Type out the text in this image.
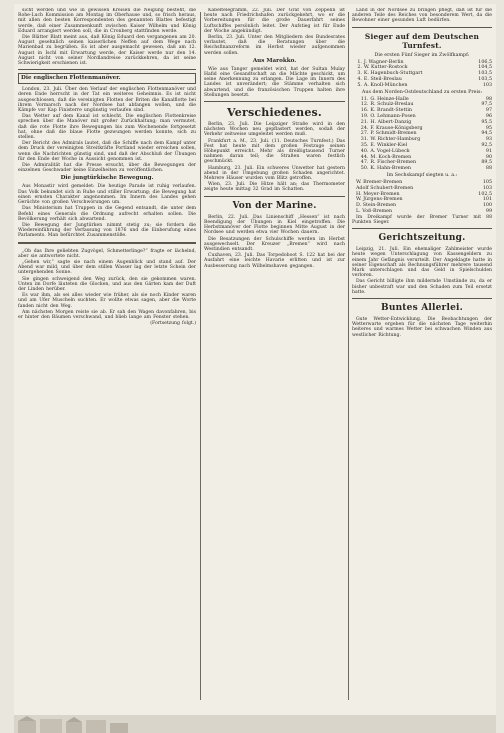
sicht werden und wie in gewissen Kreisen die Neigung besteht, die Rohe-Luch Kommission am Montag im Oberhause und, so frisch heraus, mit allen den besten Korrespondenten des genannten Blattes befestigt werde, daß einer Zusammenkunft zwischen Kaiser Wilhelm und König Eduard arrangiert werden soll, die in Cronberg stattfinden werde.

Die Blätter Blatt meint aus, daß König Eduard den vergangenen am 20. August gesehnlich seinen kaiserlichen Neffen auf dem Wege nach Marienbad zu begrüßen. Es ist aber ausgemacht gewesen, daß am 12. August in Ischl mit Erwartung werde, der Kaiser werde nur den 14. August nicht von seiner Nordlandreise zurückkehren, da ist seine Schwierigkeit erschienen ist.

Die englischen Flottenmanöver.

London, 23. Juli. Über den Verlauf der englischen Flottenmanöver und deren Ende herrscht in der Tat ein weiteres Geheimnis. Es ist nicht ausgeschlossen, daß die vereinigten Flotten der Briten die Kanalflotte bei ihrem Vormarsch nach der Nordsee hat abfangen wollen, und die Kämpfe vor Kap Finisterre ungünstig verlaufen sind.

Das Wetter auf dem Kanal ist schlecht. Die englischen Flottenkreise sprechen über die Manöver mit großer Zurückhaltung; man vermutet, daß die rote Flotte ihre Bewegungen bis zum Wochenende fortgesetzt hat, ohne daß die blaue Flotte gezwungen werden konnte, sich zu stellen.

Der Bericht des Admirals lautet, daß die Schiffe nach dem Kampf unter dem Druck der vereinigten Streitkräfte Portland wieder erreichen sollen, wenn die Nachrichten günstig sind, und daß der Abschluß der Übungen für den Ende der Woche in Aussicht genommen ist.

Die Admiralität hat die Presse ersucht, über die Bewegungen der einzelnen Geschwader keine Einzelheiten zu veröffentlichen.

Die jungtürkische Bewegung.

Aus Monastir wird gemeldet: Die heutige Parade ist ruhig verlaufen. Das Volk bekundet sich in Ruhe und stiller Erwartung; die Bewegung hat einen ernsten Charakter angenommen. Im Innern des Landes gehen Gerüchte von großen Verschwörungen um.

Das Ministerium hat Truppen in die Gegend entsandt, die unter dem Befehl eines Generals die Ordnung aufrecht erhalten sollen. Die Bevölkerung verhält sich abwartend.

Die Bewegung der Jungtürken nimmt stetig zu; sie fordern die Wiedereinführung der Verfassung von 1876 und die Einberufung eines Parlaments. Man befürchtet Zusammenstöße.

„Ob das Ihre geliebten Zugvögel, Schmetterlinge?“ fragte er lächelnd, aber sie antwortete nicht.

„Gehen wir,“ sagte sie nach einem Augenblick und stand auf. Der Abend war mild, und über dem stillen Wasser lag der letzte Schein der untergehenden Sonne.

Sie gingen schweigend den Weg zurück, den sie gekommen waren. Unten im Dorfe läuteten die Glocken, und aus den Gärten kam der Duft der Linden herüber.

Es war ihm, als sei alles wieder wie früher, als sie noch Kinder waren und am Ufer Muscheln suchten. Er wollte etwas sagen, aber die Worte fanden nicht den Weg.

Am nächsten Morgen reiste sie ab. Er sah den Wagen davonfahren, bis er hinter den Bäumen verschwand, und blieb lange am Fenster stehen.

(Fortsetzung folgt.)

Kabeltelegramm, 22. Juli. Der Graf von Zeppelin ist heute nach Friedrichshafen zurückgekehrt, wo er die Vorbereitungen für die große Dauerfahrt seines Luftschiffes persönlich leitet. Der Aufstieg ist für Ende der Woche angekündigt.

Berlin, 23. Juli. Unter den Mitgliedern des Bundesrates verlautet, daß die Beratungen über die Reichsfinanzreform im Herbst wieder aufgenommen werden sollen.

Aus Marokko.

Wie aus Tanger gemeldet wird, hat der Sultan Mulay Hafid eine Gesandtschaft an die Mächte geschickt, um seine Anerkennung zu erlangen. Die Lage im Innern des Landes ist unverändert; die Stämme verhalten sich abwartend, und die französischen Truppen halten ihre Stellungen besetzt.

Verschiedenes.

Berlin, 23. Juli. Die Leipziger Straße wird in den nächsten Wochen neu gepflastert werden, sodaß der Verkehr zeitweise umgeleitet werden muß.

Frankfurt a. M., 23. Juli. (11. Deutsches Turnfest.) Das Fest hat heute mit dem großen Festzuge seinen Höhepunkt erreicht. Mehr als dreißigtausend Turner nahmen daran teil; die Straßen waren festlich geschmückt.

Hamburg, 23. Juli. Ein schweres Unwetter hat gestern abend in der Umgebung großen Schaden angerichtet. Mehrere Häuser wurden vom Blitz getroffen.

Wien, 23. Juli. Die Hitze hält an; das Thermometer zeigte heute mittag 32 Grad im Schatten.

Von der Marine.

Berlin, 22. Juli. Das Linienschiff „Hessen“ ist nach Beendigung der Übungen in Kiel eingetroffen. Die Herbstmanöver der Flotte beginnen Mitte August in der Nordsee und werden etwa vier Wochen dauern.

Die Besatzungen der Schulschiffe werden im Herbst ausgewechselt. Der Kreuzer „Bremen“ wird nach Westindien entsandt.

Cuxhaven, 23. Juli. Das Torpedoboot S. 122 hat bei der Ausfahrt eine leichte Havarie erlitten und ist zur Ausbesserung nach Wilhelmshaven gegangen.

Land in der Nordsee zu bringen pflegt, daß ist für die anderen Teile des Reiches von besonderem Wert, da die Bewohner einer gesunden Luft bedürfen.

Sieger auf dem Deutschen Turnfest.
Die ersten Fünf Sieger im Zwölfkampf:
1.	J. Wagner-Berlin	106,5
2.	W. Kutter-Rostock	104,5
3.	K. Hagenbuch-Stuttgart	103,5
4.	E. Steil-Breslau	103,5
5.	A. Knoll-München	103
Aus dem Norden-Ostdeutschland zu ersten Preis:
11.	G. Heinze-Halle	98
12.	R. Schulz-Breslau	97,5
16.	K. Brandt-Stettin	97
19.	O. Lehmann-Posen	96
21.	H. Albert-Danzig	95,5
24.	F. Krause-Königsberg	95
27.	P. Schmidt-Bremen	94,5
31.	W. Richter-Hamburg	93
35.	E. Winkler-Kiel	92,5
40.	A. Vogel-Lübeck	91
44.	M. Koch-Bremen	90
47.	R. Fischer-Bremen	89,5
50.	K. Hahn-Bremen	88
Im Sechskampf siegten u. a.:
	W. Bremer-Bremen	105
	Adolf Schubert-Bremen	103
	H. Meyer-Bremen	102,5
	W. Jürgens-Bremen	101
	D. Stein-Bremen	100
	L. Voß-Bremen	99

Im Dreikampf wurde der Bremer Turner mit 88 Punkten Sieger.

Gerichtszeitung.

Leipzig, 21. Juli. Ein ehemaliger Zahlmeister wurde heute wegen Unterschlagung von Kassengeldern zu einem Jahr Gefängnis verurteilt. Der Angeklagte hatte in seiner Eigenschaft als Rechnungsführer mehrere tausend Mark unterschlagen und das Geld in Spielschulden verloren.

Das Gericht billigte ihm mildernde Umstände zu, da er bisher unbestraft war und den Schaden zum Teil ersetzt hatte.

Buntes Allerlei.

Gute Wetter-Entwicklung. Die Beobachtungen der Wetterwarte ergeben für die nächsten Tage weiterhin heiteres und warmes Wetter bei schwachen Winden aus westlicher Richtung.
